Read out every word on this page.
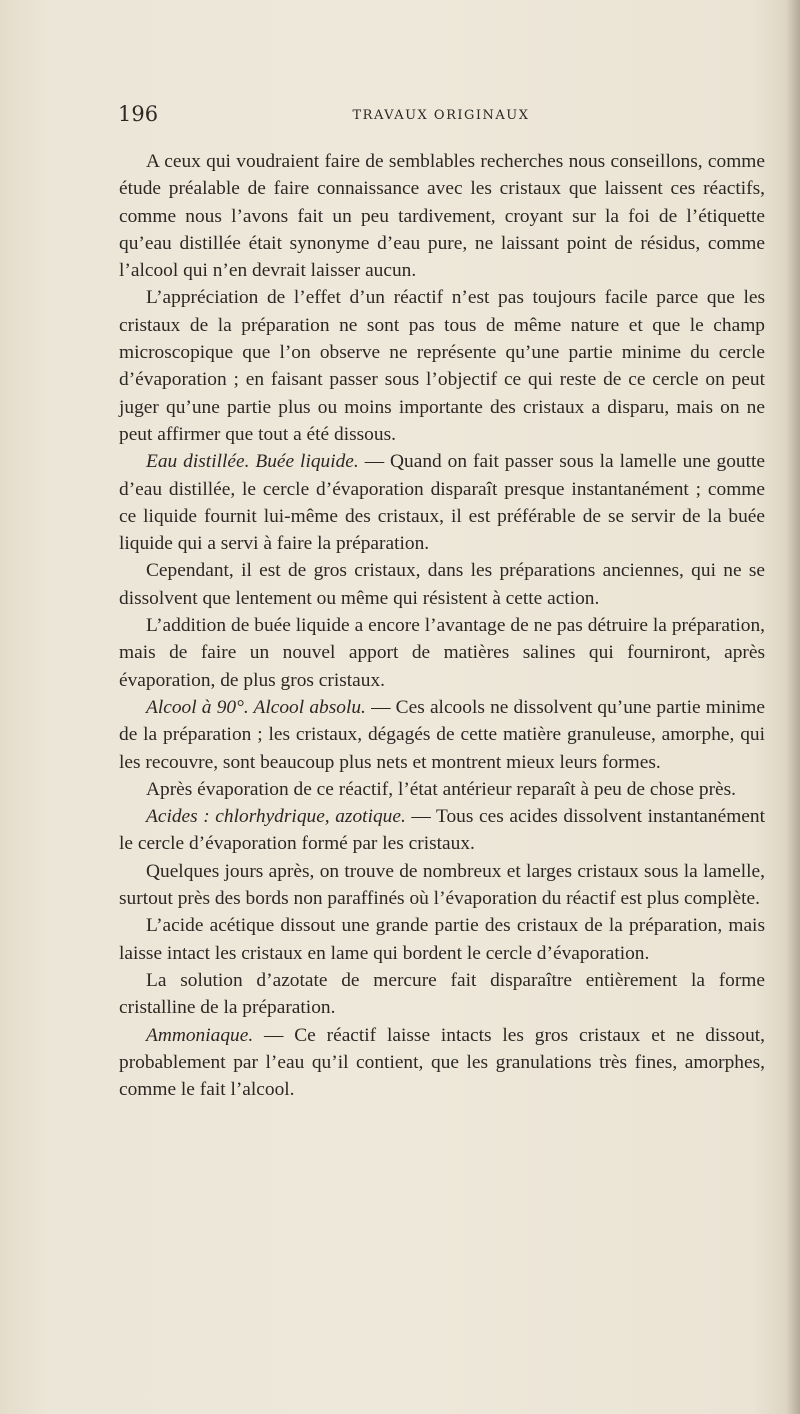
196	TRAVAUX ORIGINAUX

A ceux qui voudraient faire de semblables recherches nous conseillons, comme étude préalable de faire connaissance avec les cristaux que laissent ces réactifs, comme nous l’avons fait un peu tardivement, croyant sur la foi de l’étiquette qu’eau distillée était synonyme d’eau pure, ne laissant point de résidus, comme l’alcool qui n’en devrait laisser aucun.

L’appréciation de l’effet d’un réactif n’est pas toujours facile parce que les cristaux de la préparation ne sont pas tous de même nature et que le champ microscopique que l’on observe ne représente qu’une partie minime du cercle d’évaporation ; en faisant passer sous l’objectif ce qui reste de ce cercle on peut juger qu’une partie plus ou moins importante des cristaux a disparu, mais on ne peut affirmer que tout a été dissous.

Eau distillée. Buée liquide. — Quand on fait passer sous la lamelle une goutte d’eau distillée, le cercle d’évaporation disparaît presque instantanément ; comme ce liquide fournit lui-même des cristaux, il est préférable de se servir de la buée liquide qui a servi à faire la préparation.

Cependant, il est de gros cristaux, dans les préparations anciennes, qui ne se dissolvent que lentement ou même qui résistent à cette action.

L’addition de buée liquide a encore l’avantage de ne pas détruire la préparation, mais de faire un nouvel apport de matières salines qui fourniront, après évaporation, de plus gros cristaux.

Alcool à 90°. Alcool absolu. — Ces alcools ne dissolvent qu’une partie minime de la préparation ; les cristaux, dégagés de cette matière granuleuse, amorphe, qui les recouvre, sont beaucoup plus nets et montrent mieux leurs formes.

Après évaporation de ce réactif, l’état antérieur reparaît à peu de chose près.

Acides : chlorhydrique, azotique. — Tous ces acides dissolvent instantanément le cercle d’évaporation formé par les cristaux.

Quelques jours après, on trouve de nombreux et larges cristaux sous la lamelle, surtout près des bords non paraffinés où l’évaporation du réactif est plus complète.

L’acide acétique dissout une grande partie des cristaux de la préparation, mais laisse intact les cristaux en lame qui bordent le cercle d’évaporation.

La solution d’azotate de mercure fait disparaître entièrement la forme cristalline de la préparation.

Ammoniaque. — Ce réactif laisse intacts les gros cristaux et ne dissout, probablement par l’eau qu’il contient, que les granulations très fines, amorphes, comme le fait l’alcool.
